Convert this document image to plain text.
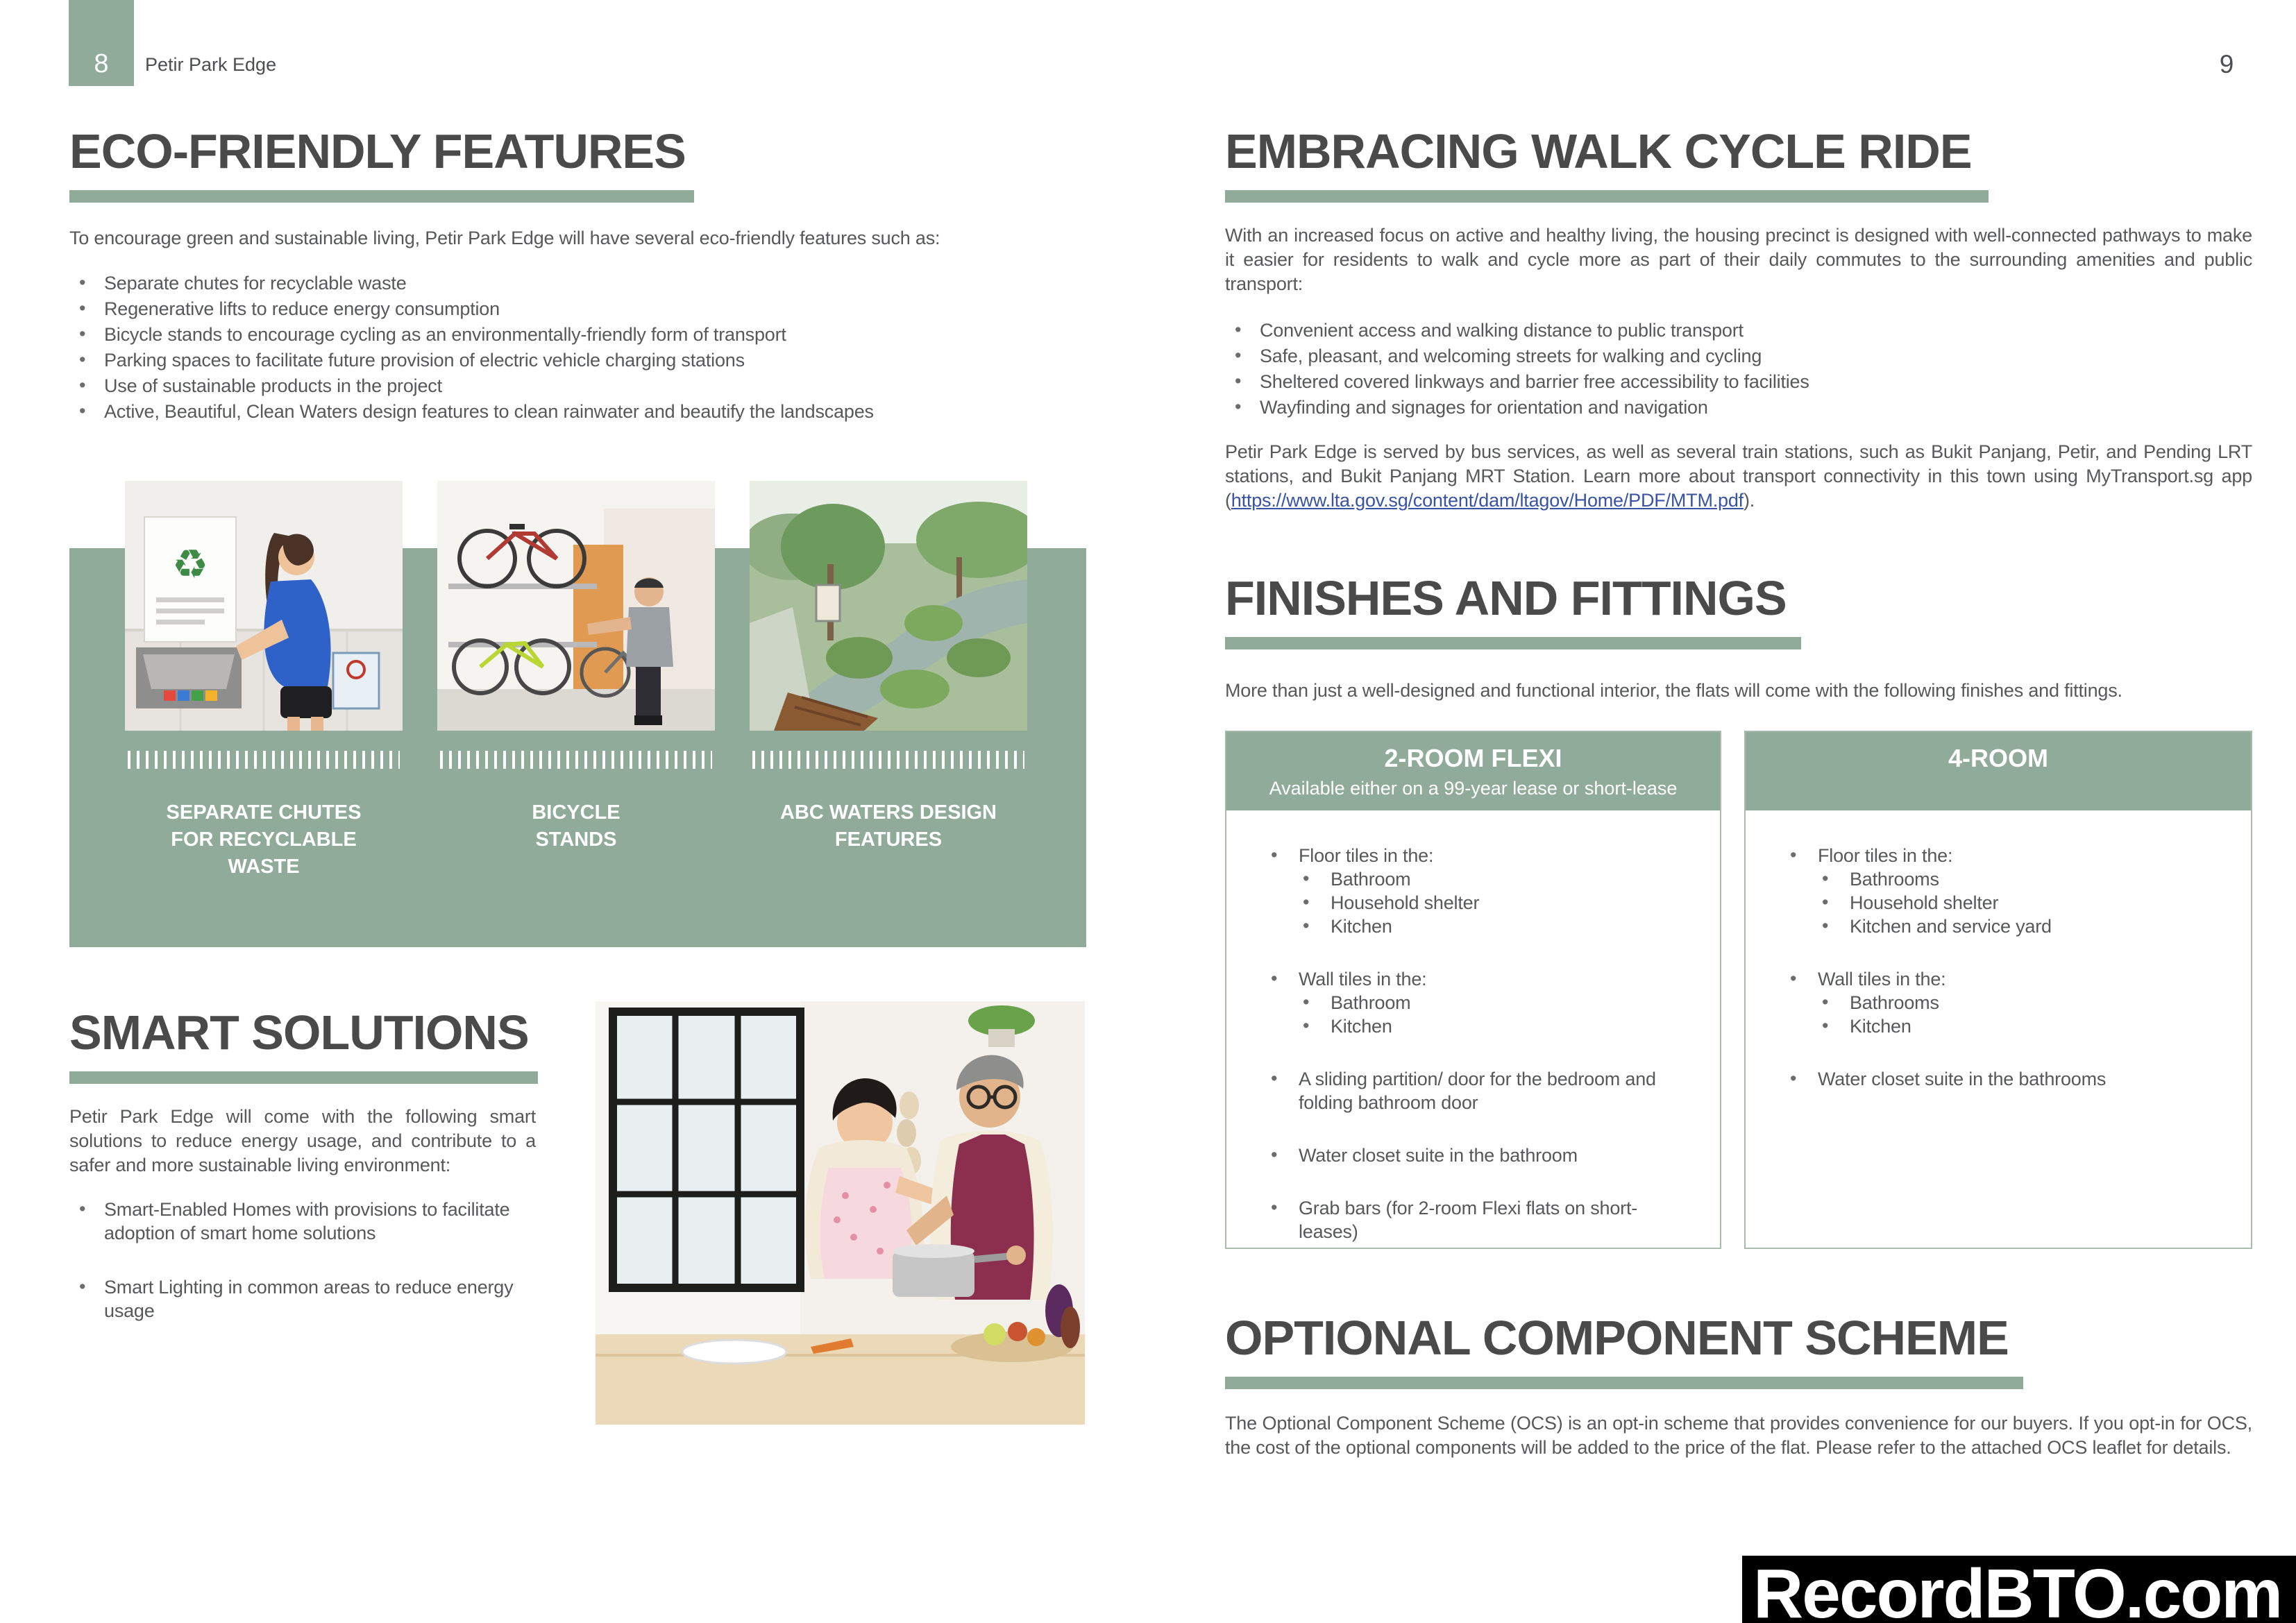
8	Petir Park Edge	9
ECO-FRIENDLY FEATURES
To encourage green and sustainable living, Petir Park Edge will have several eco-friendly features such as:
• Separate chutes for recyclable waste
• Regenerative lifts to reduce energy consumption
• Bicycle stands to encourage cycling as an environmentally-friendly form of transport
• Parking spaces to facilitate future provision of electric vehicle charging stations
• Use of sustainable products in the project
• Active, Beautiful, Clean Waters design features to clean rainwater and beautify the landscapes
♻
SEPARATE CHUTES FOR RECYCLABLE WASTE
BICYCLE STANDS
ABC WATERS DESIGN FEATURES
SMART SOLUTIONS
Petir Park Edge will come with the following smart solutions to reduce energy usage, and contribute to a safer and more sustainable living environment:
• Smart-Enabled Homes with provisions to facilitate adoption of smart home solutions
• Smart Lighting in common areas to reduce energy usage
EMBRACING WALK CYCLE RIDE
With an increased focus on active and healthy living, the housing precinct is designed with well-connected pathways to make it easier for residents to walk and cycle more as part of their daily commutes to the surrounding amenities and public transport:
• Convenient access and walking distance to public transport
• Safe, pleasant, and welcoming streets for walking and cycling
• Sheltered covered linkways and barrier free accessibility to facilities
• Wayfinding and signages for orientation and navigation
Petir Park Edge is served by bus services, as well as several train stations, such as Bukit Panjang, Petir, and Pending LRT stations, and Bukit Panjang MRT Station. Learn more about transport connectivity in this town using MyTransport.sg app (https://www.lta.gov.sg/content/dam/ltagov/Home/PDF/MTM.pdf).
FINISHES AND FITTINGS
More than just a well-designed and functional interior, the flats will come with the following finishes and fittings.
2-ROOM FLEXI
Available either on a 99-year lease or short-lease
• Floor tiles in the:
• Bathroom
• Household shelter
• Kitchen
• Wall tiles in the:
• Bathroom
• Kitchen
• A sliding partition/ door for the bedroom and folding bathroom door
• Water closet suite in the bathroom
• Grab bars (for 2-room Flexi flats on short-leases)
4-ROOM
• Floor tiles in the:
• Bathrooms
• Household shelter
• Kitchen and service yard
• Wall tiles in the:
• Bathrooms
• Kitchen
• Water closet suite in the bathrooms
OPTIONAL COMPONENT SCHEME
The Optional Component Scheme (OCS) is an opt-in scheme that provides convenience for our buyers. If you opt-in for OCS, the cost of the optional components will be added to the price of the flat. Please refer to the attached OCS leaflet for details.
RecordBTO.com
